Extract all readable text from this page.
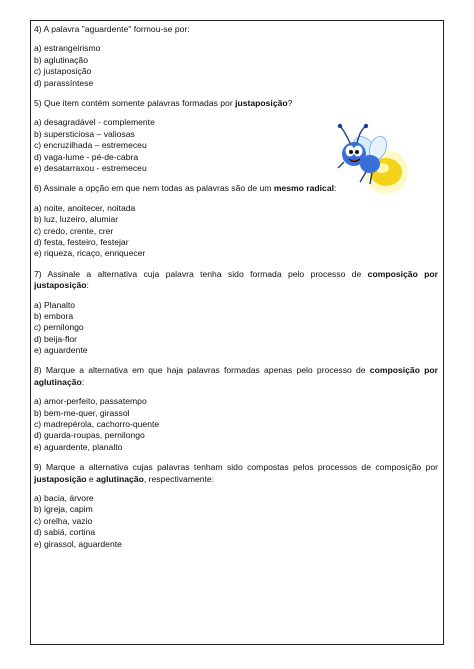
4) A palavra "aguardente" formou-se por:

a) estrangeirismo
b) aglutinação
c) justaposição
d) parassíntese

5) Que item contém somente palavras formadas por justaposição?

a) desagradável - complemente
b) supersticiosa – valiosas
c) encruzilhada – estremeceu
d) vaga-lume - pé-de-cabra
e) desatarraxou - estremeceu

6) Assinale a opção em que nem todas as palavras são de um mesmo radical:

a) noite, anoitecer, noitada
b) luz, luzeiro, alumiar
c) credo, crente, crer
d) festa, festeiro, festejar
e) riqueza, ricaço, enriquecer

7) Assinale a alternativa cuja palavra tenha sido formada pelo processo de composição por justaposição:

a) Planalto
b) embora
c) pernilongo
d) beija-flor
e) aguardente

8) Marque a alternativa em que haja palavras formadas apenas pelo processo de composição por aglutinação:

a) amor-perfeito, passatempo
b) bem-me-quer, girassol
c) madrepérola, cachorro-quente
d) guarda-roupas, pernilongo
e) aguardente, planalto

9) Marque a alternativa cujas palavras tenham sido compostas pelos processos de composição por justaposição e aglutinação, respectivamente:

a) bacia, árvore
b) igreja, capim
c) orelha, vazio
d) sabiá, cortina
e) girassol, aguardente
